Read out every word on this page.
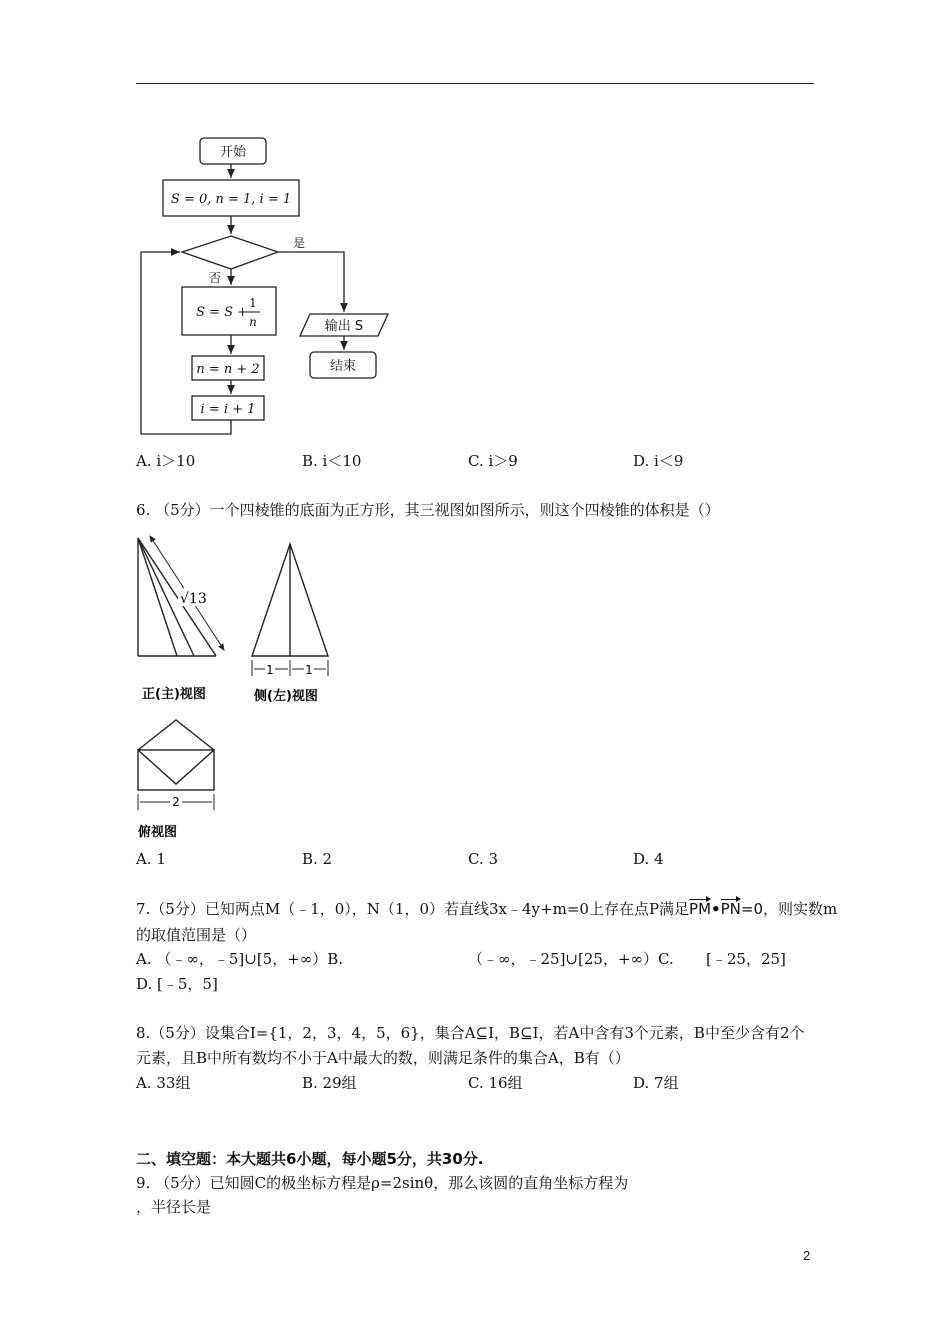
开始
S = 0, n = 1, i = 1
是
否
S = S +
1
n
n = n + 2
i = i + 1
输出 S
结束
A. i＞10	B. i＜10	C. i＞9	D. i＜9
6. （5分）一个四棱锥的底面为正方形，其三视图如图所示，则这个四棱锥的体积是（）
√13
正(主)视图
1	1
侧(左)视图
2
俯视图
A. 1	B. 2	C. 3	D. 4
7.（5分）已知两点M（﹣1，0），N（1，0）若直线3x﹣4y+m=0上存在点P满足PM•PN=0，则实数m
的取值范围是（）
A. （﹣∞，﹣5]∪[5，+∞）B.	（﹣∞，﹣25]∪[25，+∞）C. [﹣25，25]
D. [﹣5，5]
8.（5分）设集合I={1，2，3，4，5，6}，集合A⊆I，B⊆I，若A中含有3个元素，B中至少含有2个
元素，且B中所有数均不小于A中最大的数，则满足条件的集合A，B有（）
A. 33组	B. 29组	C. 16组	D. 7组
二、填空题：本大题共6小题，每小题5分，共30分.
9. （5分）已知圆C的极坐标方程是ρ=2sinθ，那么该圆的直角坐标方程为
，半径长是
2
